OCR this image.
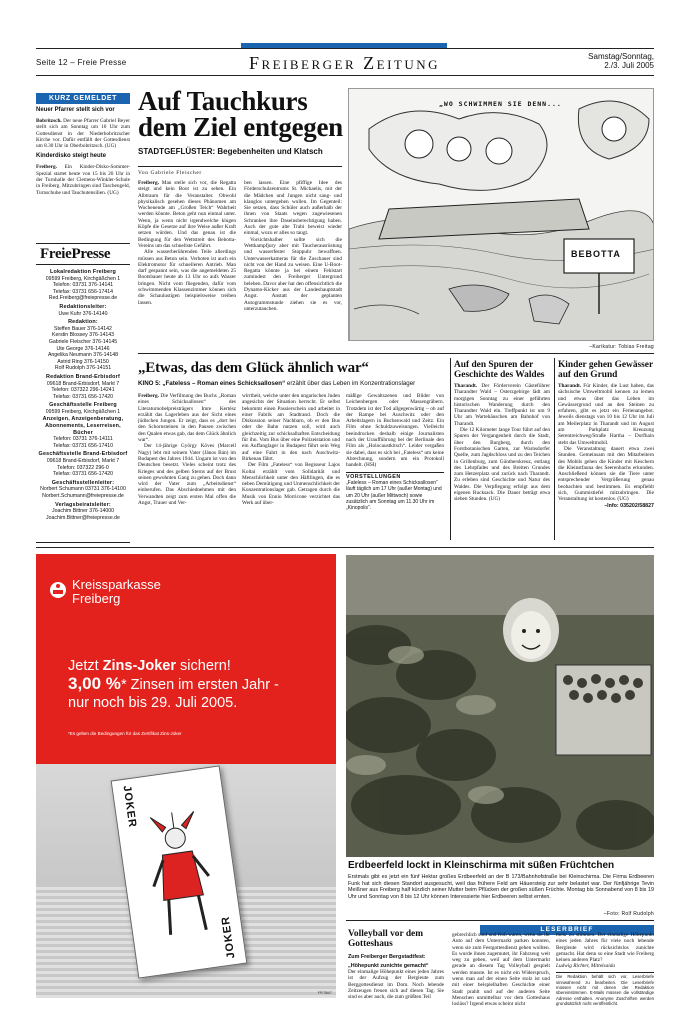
Seite 12 – Freie Presse	Freiberger Zeitung	Samstag/Sonntag,
2./3. Juli 2005
KURZ GEMELDET

Neuer Pfarrer stellt sich vor

Bobritzsch. Der neue Pfarrer Gabriel Beyer stellt sich am Sonntag um 10 Uhr zum Gottesdienst in der Niederbobritzscher Kirche vor. Dafür entfällt der Gottesdienst um 8.30 Uhr in Oberbobritzsch. (UG)

Kinderdisko steigt heute

Freiberg. Ein Kinder-Disko-Sommer-Spezial startet heute von 15 bis 20 Uhr in der Turnhalle der Clemens-Winkler-Schule in Freiberg. Mitzubringen sind Taschengeld, Turnschuhe und Tauchutensilien. (UG)

FreiePresse
Lokalredaktion Freiberg
09599 Freiberg, Kirchgäßchen 1
Telefon: 03731 376-14141
Telefax: 03731 656-17414
Red.Freiberg@freiepresse.de
Redaktionsleiter:
Uwe Kuhr 376-14140
Redaktion:
Steffen Bauer 376-14142
Kerstin Blossey 376-14143
Gabriele Fleischer 376-14145
Ute George 376-14146
Angelika Neumann 376-14148
Astrid Ring 376-14150
Rolf Rudolph 376-14151
Redaktion Brand-Erbisdorf
09618 Brand-Erbisdorf, Markt 7
Telefon: 037322 296-14241
Telefax: 03731 656-17420
Geschäftsstelle Freiberg
09599 Freiberg, Kirchgäßchen 1
Anzeigen, Anzeigenberatung, Abonnements, Leserreisen, Bücher
Telefon: 03731 376-14111
Telefax: 03731 656-17410
Geschäftsstelle Brand-Erbisdorf
09618 Brand-Erbisdorf, Markt 7
Telefon: 037322 296-0
Telefax: 03731 656-17420
Geschäftsstellenleiter:
Norbert Schumann 03731 376-14100
Norbert.Schumann@freiepresse.de
Verlagsbeiratsleiter:
Joachim Bittner 376-14000
Joachim.Bittner@freiepresse.de
Auf Tauchkurs
dem Ziel entgegen
STADTGEFLÜSTER: Begebenheiten und Klatsch
Von Gabriele Fleischer

Freiberg. Man stelle sich vor, die Regatta steigt und kein Boot ist zu sehen. Ein Albtraum für die Veranstalter. Obwohl physikalisch gesehen dieses Phänomen am Wochenende am „Großen Teich“ Wahrheit werden könnte. Beton geht nun einmal unter. Wenn, ja wenn nicht irgendwelche klugen Köpfe die Gesetze auf ihre Weise außer Kraft setzen würden. Und das genau ist die Bedingung für den Wettstreit des Bebotta-Vereins um das schnellste Gefährt.

Alle wasserberührenden Teile allerdings müssen aus Beton sein. Verboten ist auch ein Elektromotor für schnelleren Antrieb. Man darf gespannt sein, was die angemeldeten 25 Bootsbauer heute ab 13 Uhr so aufs Wasser bringen. Nicht vom fliegenden, dafür vom schwimmenden Klassenzimmer können sich die Schaulustigen beispielsweise treiben lassen.

ben lassen. Eine pfiffige Idee des Förderschulzentrums St. Michaelis, mit der die Mädchen und Jungen nicht sang- und klanglos untergehen wollen. Im Gegenteil: Sie setzen, dass Schüler auch außerhalb der ihnen von Staats wegen zugewiesenen Schranken ihre Daseinsberechtigung haben. Auch der gute alte Trabi beweist wieder einmal, wozu er alles so taugt.

Vorsichtshalber sollte sich die Wettkampfjury aber mit Taucherausrüstung und wasserfester Stoppuhr bewaffnen. Unterwasserkameras für die Zuschauer sind nicht von der Hand zu weisen. Eine U-Boot-Regatta könnte ja bei einem Fehlstart zumindest den Freiberger Untergrund beleben. Davor aber hat den offensichtlich die Dynamo-Kicker aus der Landeshauptstadt Angst. Anstatt der geplanten Autogrammstunde ziehen sie es vor, unterzutauchen.

„WO SCHWIMMEN SIE DENN...
BEBOTTA
–Karikatur: Tobias Freitag
„Etwas, das dem Glück ähnlich war“
KINO 5: „Fateless – Roman eines Schicksallosen“ erzählt über das Leben im Konzentrationslager

Freiberg. Die Verfilmung des Buchs „Roman eines Schicksallosen“ des Literaturnobelpreisträgers Imre Kertész erzählt das Lagerleben aus der Sicht eines jüdischen Jungen. Er zeigt, dass es „dort bei den Schornsteinen in den Pausen zwischen den Qualen etwas gab, das dem Glück ähnlich war“.

Der 14-jährige György Köves (Marcell Nagy) lebt mit seinem Vater (János Bán) im Budapest des Jahres 1944. Ungarn ist von den Deutschen besetzt. Vieles scheint trotz des Krieges und des gelben Sterns auf der Brust seinen gewohnten Gang zu gehen. Doch dann wird der Vater zum „Arbeitsdienst“ einberufen. Das Abschiednehmen mit den Verwandten zeigt zum ersten Mal offen die Angst, Trauer und Ver-

wirrtheit, welche unter den ungarischen Juden angesichts der Situation herrscht. Er selbst bekommt einen Passierschein und arbeitet in einer Fabrik am Stadtrand. Doch die Diskussion seiner Nachbarn, ob er den Bus oder die Bahn nutzen soll, wird auch gleichzeitig zur schicksalhaften Entscheidung für ihn. Vom Bus über eine Polizeistation und ein Auffanglager in Budapest führt sein Weg auf eine Fahrt in den nach Auschwitz-Birkenau fährt.

Der Film „Fateless“ von Regisseur Lajos Koltai erzählt vom Solidarität und Menschlichkeit unter den Häftlingen, die es neben Demütigung und Unmenschlichkeit der Konzentrationslager gab. Getragen durch die Musik von Ennio Morricone verzichtet das Werk auf über-

mäßige Gewaltszenen und Bilder von Leichenbergen oder Massengräbern. Trotzdem ist der Tod allgegenwärtig – ob auf der Rampe bei Auschwitz oder den Arbeitslagern in Buchenwald und Zeitz. Ein Film ohne Schuldzuweisungen. Vielleicht beeindrucken deshalb einige Journalisten nach der Uraufführung bei der Berlinale den Film als „Holocaustkitsch“. Leider vergaßen sie dabei, dass es sich bei „Fateless“ um keine Abrechnung, sondern um ein Protokoll handelt. (HSI)

VORSTELLUNGEN

„Fateless – Roman eines Schicksallosen“ läuft täglich um 17 Uhr (außer Montag) und um 20 Uhr (außer Mittwoch) sowie zusätzlich am Sonntag um 11.30 Uhr im „Kinopolis“.

Auf den Spuren der Geschichte des Waldes

Tharandt. Der Förderverein Gästeführer Tharandter Wald – Osterzgebirge lädt am morgigen Sonntag zu einer geführten historischen Wanderung durch den Tharandter Wald ein. Treffpunkt ist um 9 Uhr am Wartehäuschen am Bahnhof von Tharandt.

Die 12 Kilometer lange Tour führt auf den Spuren der Vergangenheit durch die Stadt, über den Burgberg, durch den Forstbotanischen Garten, zur Warnsdorfer Quelle, zum Jagdschloss und zu den Teichen in Grillenburg, zum Güntherskreuz, entlang des Lehrpfades und des Breiten Grundes zum Hetzerplatz und zurück nach Tharandt. Zu erleben sind Geschichte und Natur des Waldes. Die Verpflegung erfolgt aus dem eigenen Rucksack. Die Dauer beträgt etwa sieben Stunden. (UG)

Kinder gehen Gewässer auf den Grund

Tharandt. Für Kinder, die Lust haben, das sächsische Umweltmobil kennen zu lernen und etwas über das Leben im Gewässergrund und an den Steinen zu erfahren, gibt es jetzt ein Ferienangebot. Jeweils dienstags von 10 bis 12 Uhr im Juli am Meilerplatz in Tharandt und im August am Parkplatz Kreuzung Serentreichweg/Straße Hartha – Dorfhain steht das Umweltmobil.

Die Veranstaltung dauert etwa zwei Stunden. Gemeinsam mit den Mitarbeitern des Mobils gehen die Kinder mit Keschern die Kleinstfauna des Seerenbachs erkunden. Anschließend können sie die Tiere unter entsprechender Vergrößerung genau beobachten und bestimmen. Es empfiehlt sich, Gummistiefel mitzubringen. Die Veranstaltung ist kostenlos. (UG)

–Info: 035202/58827

Kreissparkasse
Freiberg
Jetzt Zins-Joker sichern!
3,00 %* Zinsen im ersten Jahr -
nur noch bis 29. Juli 2005.
*Es gelten die Bedingungen für das Zertifikat Zins-Joker
JOKER
JOKER
FP/786/7
Erdbeerfeld lockt in Kleinschirma mit süßen Früchtchen
Erstmals gibt es jetzt ein fünf Hektar großes Erdbeerfeld an der B 173/Bahnhofstraße bei Kleinschirma. Die Firma Erdbeeren Funk hat sich diesen Standort ausgesucht, weil das frühere Feld am Häuersteig zur sehr belastet war. Der fünfjährige Tevin Meißner aus Freiberg half kürzlich seiner Mutter beim Pflücken der großen süßen Früchte. Montag bis Sonnabend von 8 bis 19 Uhr und Sonntag von 8 bis 12 Uhr können Interessierte hier Erdbeeren selbst ernten.
–Foto: Rolf Rudolph
LESERBRIEF
Volleyball vor dem Gotteshaus

Zum Freiberger Bergstadtfest:

„Höhepunkt zunichte gemacht“

Der einmalige Höhepunkt eines jeden Jahres ist der Aufzug der Bergleute zum Berggottesdienst im Dom. Noch lebende Zeitzeugen freuen sich auf diesen Tag. Sie sind es aber auch, die zum größten Teil

gebrechlich sind und froh waren, wenn sie ihr Auto auf dem Untermarkt parken konnten, wenn sie zum Festgottesdienst gehen wollten. Es wurde ihnen zugemutet, ihr Fahrzeug weit weg zu geben, weil auf dem Untermarkt gerade an diesem Tag Volleyball gespielt werden musste. Ist es nicht ein Widerspruch, wenn man auf der einen Seite stolz ist und mit einer beispielhaften Geschichte einer Stadt prahlt und auf der anderen Seite Menschen unmittelbar vor dem Gotteshaus losläss? Irgend etwas scheint nicht

mehr zu stimmen. Der einmalige Höhepunkt eines jeden Jahres für viele noch lebende Bergleute wird rücksichtslos zunichte gemacht. Hat denn so eine Stadt wie Freiberg keinen anderen Platz?

Ludwig Richter, Mittelsaida

Die Redaktion behält sich vor, Leserbriefe sinnwahrend zu bearbeiten. Die Leserbriefe müssen nicht mit denen der Redaktion übereinstimmen. E-Mails müssen die vollständige Adresse enthalten. Anonyme Zuschriften werden grundsätzlich nicht veröffentlicht.
